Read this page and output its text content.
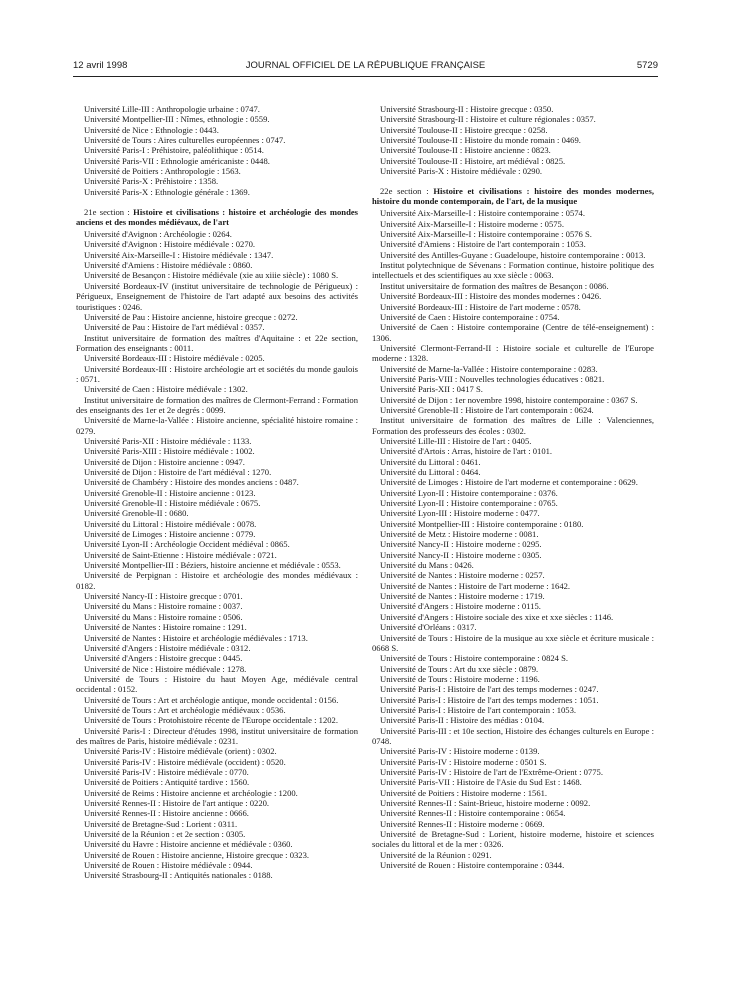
12 avril 1998	JOURNAL OFFICIEL DE LA RÉPUBLIQUE FRANÇAISE	5729

Université Lille-III : Anthropologie urbaine : 0747.

Université Montpellier-III : Nîmes, ethnologie : 0559.

Université de Nice : Ethnologie : 0443.

Université de Tours : Aires culturelles européennes : 0747.

Université Paris-I : Préhistoire, paléolithique : 0514.

Université Paris-VII : Ethnologie américaniste : 0448.

Université de Poitiers : Anthropologie : 1563.

Université Paris-X : Préhistoire : 1358.

Université Paris-X : Ethnologie générale : 1369.

21e section : Histoire et civilisations : histoire et archéologie des mondes anciens et des mondes médiévaux, de l'art

Université d'Avignon : Archéologie : 0264.

Université d'Avignon : Histoire médiévale : 0270.

Université Aix-Marseille-I : Histoire médiévale : 1347.

Université d'Amiens : Histoire médiévale : 0860.

Université de Besançon : Histoire médiévale (xie au xiiie siècle) : 1080 S.

Université Bordeaux-IV (institut universitaire de technologie de Périgueux) : Périgueux, Enseignement de l'histoire de l'art adapté aux besoins des activités touristiques : 0246.

Université de Pau : Histoire ancienne, histoire grecque : 0272.

Université de Pau : Histoire de l'art médiéval : 0357.

Institut universitaire de formation des maîtres d'Aquitaine : et 22e section, Formation des enseignants : 0011.

Université Bordeaux-III : Histoire médiévale : 0205.

Université Bordeaux-III : Histoire archéologie art et sociétés du monde gaulois : 0571.

Université de Caen : Histoire médiévale : 1302.

Institut universitaire de formation des maîtres de Clermont-Ferrand : Formation des enseignants des 1er et 2e degrés : 0099.

Université de Marne-la-Vallée : Histoire ancienne, spécialité histoire romaine : 0279.

Université Paris-XII : Histoire médiévale : 1133.

Université Paris-XIII : Histoire médiévale : 1002.

Université de Dijon : Histoire ancienne : 0947.

Université de Dijon : Histoire de l'art médiéval : 1270.

Université de Chambéry : Histoire des mondes anciens : 0487.

Université Grenoble-II : Histoire ancienne : 0123.

Université Grenoble-II : Histoire médiévale : 0675.

Université Grenoble-II : 0680.

Université du Littoral : Histoire médiévale : 0078.

Université de Limoges : Histoire ancienne : 0779.

Université Lyon-II : Archéologie Occident médiéval : 0865.

Université de Saint-Etienne : Histoire médiévale : 0721.

Université Montpellier-III : Béziers, histoire ancienne et médiévale : 0553.

Université de Perpignan : Histoire et archéologie des mondes médiévaux : 0182.

Université Nancy-II : Histoire grecque : 0701.

Université du Mans : Histoire romaine : 0037.

Université du Mans : Histoire romaine : 0506.

Université de Nantes : Histoire romaine : 1291.

Université de Nantes : Histoire et archéologie médiévales : 1713.

Université d'Angers : Histoire médiévale : 0312.

Université d'Angers : Histoire grecque : 0445.

Université de Nice : Histoire médiévale : 1278.

Université de Tours : Histoire du haut Moyen Age, médiévale central occidental : 0152.

Université de Tours : Art et archéologie antique, monde occidental : 0156.

Université de Tours : Art et archéologie médiévaux : 0536.

Université de Tours : Protohistoire récente de l'Europe occidentale : 1202.

Université Paris-I : Directeur d'études 1998, institut universitaire de formation des maîtres de Paris, histoire médiévale : 0231.

Université Paris-IV : Histoire médiévale (orient) : 0302.

Université Paris-IV : Histoire médiévale (occident) : 0520.

Université Paris-IV : Histoire médiévale : 0770.

Université de Poitiers : Antiquité tardive : 1560.

Université de Reims : Histoire ancienne et archéologie : 1200.

Université Rennes-II : Histoire de l'art antique : 0220.

Université Rennes-II : Histoire ancienne : 0666.

Université de Bretagne-Sud : Lorient : 0311.

Université de la Réunion : et 2e section : 0305.

Université du Havre : Histoire ancienne et médiévale : 0360.

Université de Rouen : Histoire ancienne, Histoire grecque : 0323.

Université de Rouen : Histoire médiévale : 0944.

Université Strasbourg-II : Antiquités nationales : 0188.

Université Strasbourg-II : Histoire grecque : 0350.

Université Strasbourg-II : Histoire et culture régionales : 0357.

Université Toulouse-II : Histoire grecque : 0258.

Université Toulouse-II : Histoire du monde romain : 0469.

Université Toulouse-II : Histoire ancienne : 0823.

Université Toulouse-II : Histoire, art médiéval : 0825.

Université Paris-X : Histoire médiévale : 0290.

22e section : Histoire et civilisations : histoire des mondes modernes, histoire du monde contemporain, de l'art, de la musique

Université Aix-Marseille-I : Histoire contemporaine : 0574.

Université Aix-Marseille-I : Histoire moderne : 0575.

Université Aix-Marseille-I : Histoire contemporaine : 0576 S.

Université d'Amiens : Histoire de l'art contemporain : 1053.

Université des Antilles-Guyane : Guadeloupe, histoire contemporaine : 0013.

Institut polytechnique de Sévenans : Formation continue, histoire politique des intellectuels et des scientifiques au xxe siècle : 0063.

Institut universitaire de formation des maîtres de Besançon : 0086.

Université Bordeaux-III : Histoire des mondes modernes : 0426.

Université Bordeaux-III : Histoire de l'art moderne : 0578.

Université de Caen : Histoire contemporaine : 0754.

Université de Caen : Histoire contemporaine (Centre de télé-enseignement) : 1306.

Université Clermont-Ferrand-II : Histoire sociale et culturelle de l'Europe moderne : 1328.

Université de Marne-la-Vallée : Histoire contemporaine : 0283.

Université Paris-VIII : Nouvelles technologies éducatives : 0821.

Université Paris-XII : 0417 S.

Université de Dijon : 1er novembre 1998, histoire contemporaine : 0367 S.

Université Grenoble-II : Histoire de l'art contemporain : 0624.

Institut universitaire de formation des maîtres de Lille : Valenciennes, Formation des professeurs des écoles : 0302.

Université Lille-III : Histoire de l'art : 0405.

Université d'Artois : Arras, histoire de l'art : 0101.

Université du Littoral : 0461.

Université du Littoral : 0464.

Université de Limoges : Histoire de l'art moderne et contemporaine : 0629.

Université Lyon-II : Histoire contemporaine : 0376.

Université Lyon-II : Histoire contemporaine : 0765.

Université Lyon-III : Histoire moderne : 0477.

Université Montpellier-III : Histoire contemporaine : 0180.

Université de Metz : Histoire moderne : 0081.

Université Nancy-II : Histoire moderne : 0295.

Université Nancy-II : Histoire moderne : 0305.

Université du Mans : 0426.

Université de Nantes : Histoire moderne : 0257.

Université de Nantes : Histoire de l'art moderne : 1642.

Université de Nantes : Histoire moderne : 1719.

Université d'Angers : Histoire moderne : 0115.

Université d'Angers : Histoire sociale des xixe et xxe siècles : 1146.

Université d'Orléans : 0317.

Université de Tours : Histoire de la musique au xxe siècle et écriture musicale : 0668 S.

Université de Tours : Histoire contemporaine : 0824 S.

Université de Tours : Art du xxe siècle : 0879.

Université de Tours : Histoire moderne : 1196.

Université Paris-I : Histoire de l'art des temps modernes : 0247.

Université Paris-I : Histoire de l'art des temps modernes : 1051.

Université Paris-I : Histoire de l'art contemporain : 1053.

Université Paris-II : Histoire des médias : 0104.

Université Paris-III : et 10e section, Histoire des échanges culturels en Europe : 0748.

Université Paris-IV : Histoire moderne : 0139.

Université Paris-IV : Histoire moderne : 0501 S.

Université Paris-IV : Histoire de l'art de l'Extrême-Orient : 0775.

Université Paris-VII : Histoire de l'Asie du Sud Est : 1468.

Université de Poitiers : Histoire moderne : 1561.

Université Rennes-II : Saint-Brieuc, histoire moderne : 0092.

Université Rennes-II : Histoire contemporaine : 0654.

Université Rennes-II : Histoire moderne : 0669.

Université de Bretagne-Sud : Lorient, histoire moderne, histoire et sciences sociales du littoral et de la mer : 0326.

Université de la Réunion : 0291.

Université de Rouen : Histoire contemporaine : 0344.
